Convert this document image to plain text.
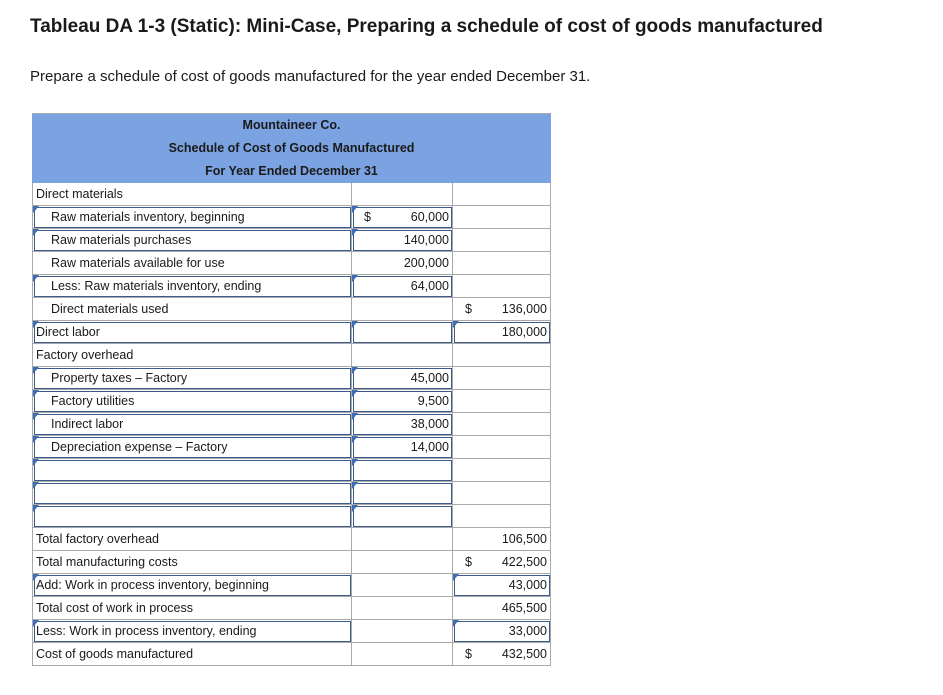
Tableau DA 1-3 (Static): Mini-Case, Preparing a schedule of cost of goods manufactured
Prepare a schedule of cost of goods manufactured for the year ended December 31.
Mountaineer Co.		
Schedule of Cost of Goods Manufactured		
For Year Ended December 31		
Direct materials	

Raw materials inventory, beginning	$ 60,000	

Raw materials purchases	140,000	

Raw materials available for use	200,000	

Less: Raw materials inventory, ending	64,000	

Direct materials used		$ 136,000

Direct labor		180,000

Factory overhead	

Property taxes – Factory	45,000	

Factory utilities	9,500	

Indirect labor	38,000	

Depreciation expense – Factory	14,000	

Total factory overhead		106,500

Total manufacturing costs		$ 422,500

Add: Work in process inventory, beginning		43,000

Total cost of work in process		465,500

Less: Work in process inventory, ending		33,000

Cost of goods manufactured		$ 432,500
